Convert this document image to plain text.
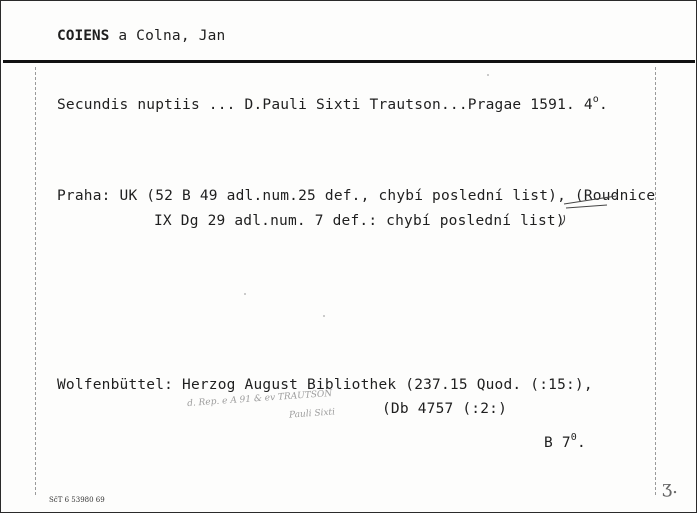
COIENS a Colna, Jan
Secundis nuptiis ... D.Pauli Sixti Trautson...Pragae 1591. 4$^o$.
Praha: UK (52 B 49 adl.num.25 def., chybí poslední list), (Roudnice
IX Dg 29 adl.num. 7 def.: chybí poslední list)
Wolfenbüttel: Herzog August Bibliothek (237.15 Quod. (:15:),
d. Rep. e A 91 & ev TRAUTSON
Pauli Sixti	(Db 4757 (:2:)
B $7^0$.
ʒ.
SčT 6 53980 69
